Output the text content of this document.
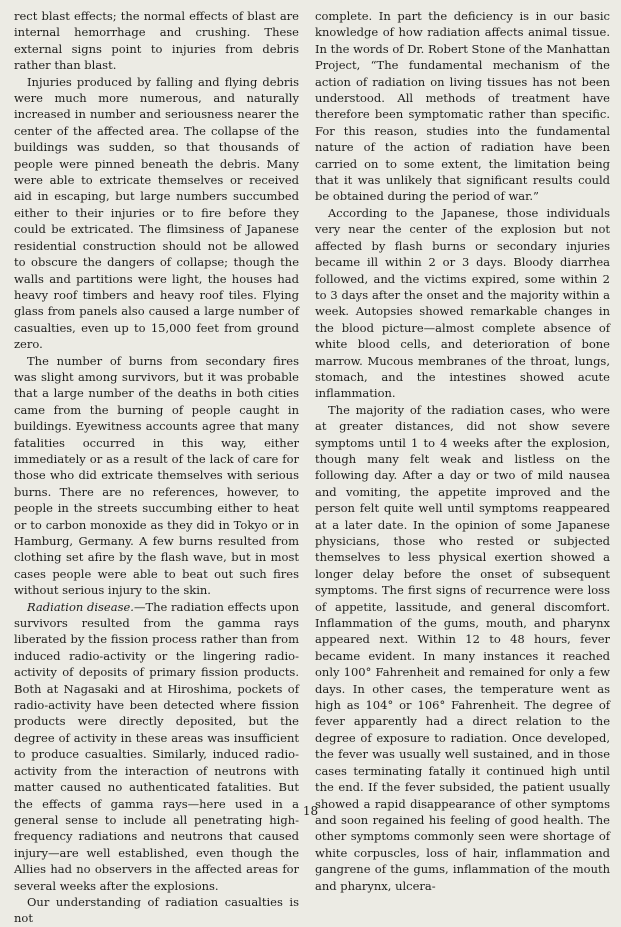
rect blast effects; the normal effects of blast are internal hemorrhage and crushing. These external signs point to injuries from debris rather than blast.

Injuries produced by falling and flying debris were much more numerous, and naturally increased in number and seriousness nearer the center of the affected area. The collapse of the buildings was sudden, so that thousands of people were pinned beneath the debris. Many were able to extricate themselves or received aid in escaping, but large numbers succumbed either to their injuries or to fire before they could be extricated. The flimsiness of Japanese residential construction should not be allowed to obscure the dangers of collapse; though the walls and partitions were light, the houses had heavy roof timbers and heavy roof tiles. Flying glass from panels also caused a large number of casualties, even up to 15,000 feet from ground zero.

The number of burns from secondary fires was slight among survivors, but it was probable that a large number of the deaths in both cities came from the burning of people caught in buildings. Eyewitness accounts agree that many fatalities occurred in this way, either immediately or as a result of the lack of care for those who did extricate themselves with serious burns. There are no references, however, to people in the streets succumbing either to heat or to carbon monoxide as they did in Tokyo or in Hamburg, Germany. A few burns resulted from clothing set afire by the flash wave, but in most cases people were able to beat out such fires without serious injury to the skin.

Radiation disease.—The radiation effects upon survivors resulted from the gamma rays liberated by the fission process rather than from induced radio-activity or the lingering radio-activity of deposits of primary fission products. Both at Nagasaki and at Hiroshima, pockets of radio-activity have been detected where fission products were directly deposited, but the degree of activity in these areas was insufficient to produce casualties. Similarly, induced radio-activity from the interaction of neutrons with matter caused no authenticated fatalities. But the effects of gamma rays—here used in a general sense to include all penetrating high-frequency radiations and neutrons that caused injury—are well established, even though the Allies had no observers in the affected areas for several weeks after the explosions.

Our understanding of radiation casualties is not

complete. In part the deficiency is in our basic knowledge of how radiation affects animal tissue. In the words of Dr. Robert Stone of the Manhattan Project, “The fundamental mechanism of the action of radiation on living tissues has not been understood. All methods of treatment have therefore been symptomatic rather than specific. For this reason, studies into the fundamental nature of the action of radiation have been carried on to some extent, the limitation being that it was unlikely that significant results could be obtained during the period of war.”

According to the Japanese, those individuals very near the center of the explosion but not affected by flash burns or secondary injuries became ill within 2 or 3 days. Bloody diarrhea followed, and the victims expired, some within 2 to 3 days after the onset and the majority within a week. Autopsies showed remarkable changes in the blood picture—almost complete absence of white blood cells, and deterioration of bone marrow. Mucous membranes of the throat, lungs, stomach, and the intestines showed acute inflammation.

The majority of the radiation cases, who were at greater distances, did not show severe symptoms until 1 to 4 weeks after the explosion, though many felt weak and listless on the following day. After a day or two of mild nausea and vomiting, the appetite improved and the person felt quite well until symptoms reappeared at a later date. In the opinion of some Japanese physicians, those who rested or subjected themselves to less physical exertion showed a longer delay before the onset of subsequent symptoms. The first signs of recurrence were loss of appetite, lassitude, and general discomfort. Inflammation of the gums, mouth, and pharynx appeared next. Within 12 to 48 hours, fever became evident. In many instances it reached only 100° Fahrenheit and remained for only a few days. In other cases, the temperature went as high as 104° or 106° Fahrenheit. The degree of fever apparently had a direct relation to the degree of exposure to radiation. Once developed, the fever was usually well sustained, and in those cases terminating fatally it continued high until the end. If the fever subsided, the patient usually showed a rapid disappearance of other symptoms and soon regained his feeling of good health. The other symptoms commonly seen were shortage of white corpuscles, loss of hair, inflammation and gangrene of the gums, inflammation of the mouth and pharynx, ulcera-

18
